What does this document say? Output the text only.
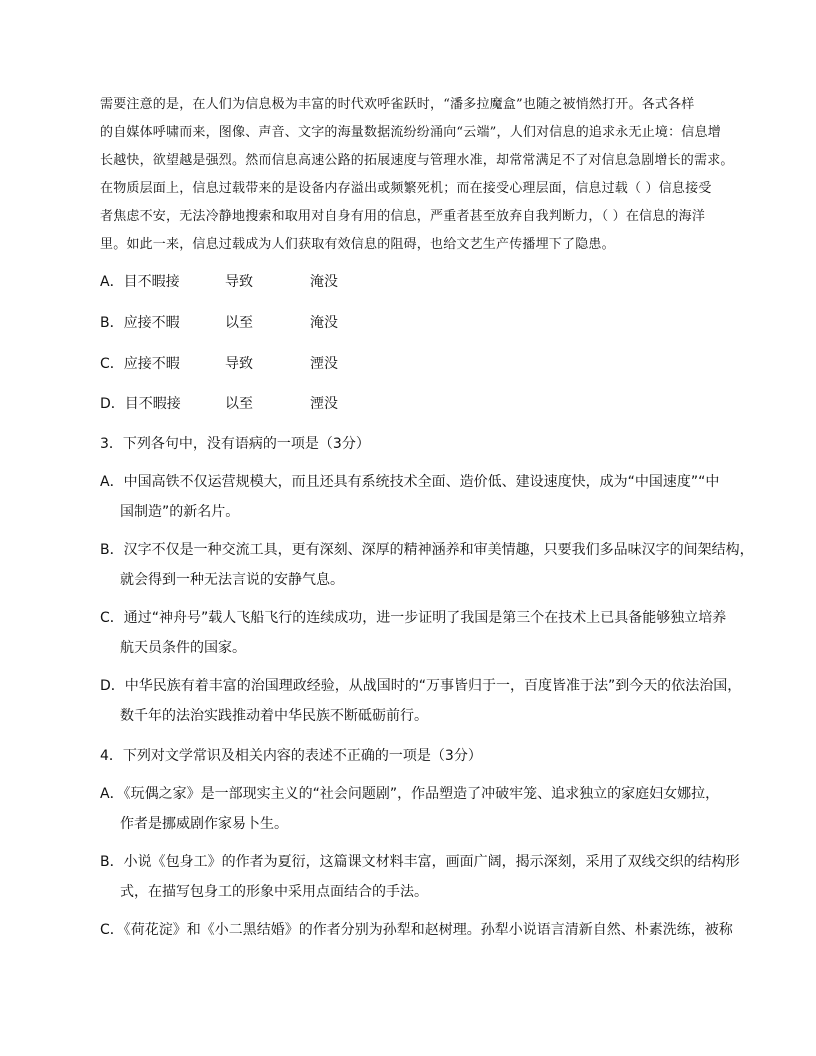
需要注意的是，在人们为信息极为丰富的时代欢呼雀跃时，“潘多拉魔盒”也随之被悄然打开。各式各样

的自媒体呼啸而来，图像、声音、文字的海量数据流纷纷涌向“云端”，人们对信息的追求永无止境：信息增

长越快，欲望越是强烈。然而信息高速公路的拓展速度与管理水准，却常常满足不了对信息急剧增长的需求。

在物质层面上，信息过载带来的是设备内存溢出或频繁死机；而在接受心理层面，信息过载（ ）信息接受

者焦虑不安，无法冷静地搜索和取用对自身有用的信息，严重者甚至放弃自我判断力，（ ）在信息的海洋

里。如此一来，信息过载成为人们获取有效信息的阻碍，也给文艺生产传播埋下了隐患。

A．目不暇接	导致	淹没
B．应接不暇	以至	淹没
C．应接不暇	导致	湮没
D．目不暇接	以至	湮没
3．下列各句中，没有语病的一项是（3分）
A．中国高铁不仅运营规模大，而且还具有系统技术全面、造价低、建设速度快，成为“中国速度”“中
国制造”的新名片。
B．汉字不仅是一种交流工具，更有深刻、深厚的精神涵养和审美情趣，只要我们多品味汉字的间架结构，
就会得到一种无法言说的安静气息。
C．通过“神舟号”载人飞船飞行的连续成功，进一步证明了我国是第三个在技术上已具备能够独立培养
航天员条件的国家。
D．中华民族有着丰富的治国理政经验，从战国时的“万事皆归于一，百度皆准于法”到今天的依法治国，
数千年的法治实践推动着中华民族不断砥砺前行。
4．下列对文学常识及相关内容的表述不正确的一项是（3分）
A．《玩偶之家》是一部现实主义的“社会问题剧”，作品塑造了冲破牢笼、追求独立的家庭妇女娜拉，
作者是挪威剧作家易卜生。
B．小说《包身工》的作者为夏衍，这篇课文材料丰富，画面广阔，揭示深刻，采用了双线交织的结构形
式，在描写包身工的形象中采用点面结合的手法。
C．《荷花淀》和《小二黑结婚》的作者分别为孙犁和赵树理。孙犁小说语言清新自然、朴素洗练，被称
